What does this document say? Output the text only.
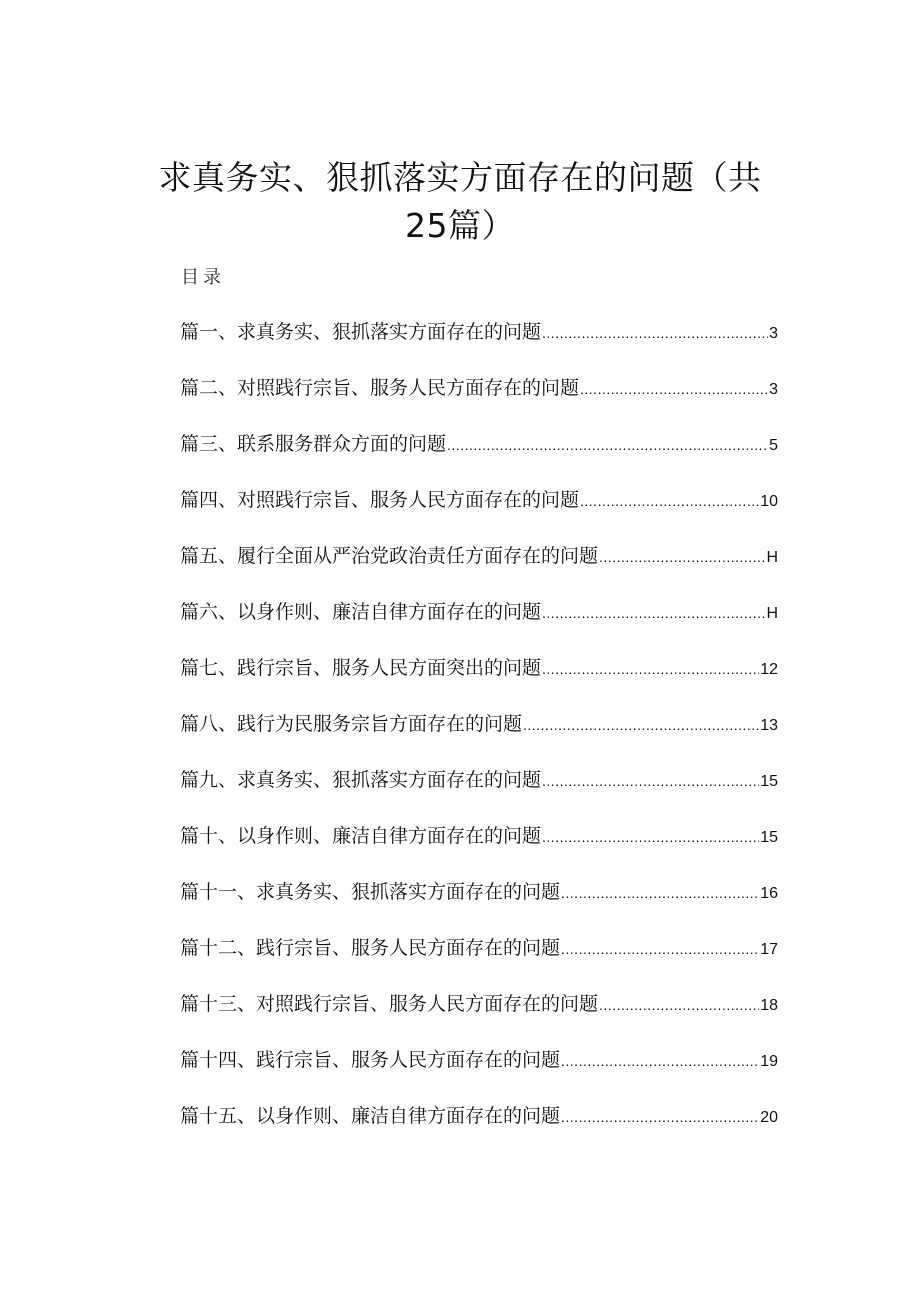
求真务实、狠抓落实方面存在的问题（共25篇）
目录
篇一、求真务实、狠抓落实方面存在的问题 .....	3
篇二、对照践行宗旨、服务人民方面存在的问题 .....	3
篇三、联系服务群众方面的问题 .....	5
篇四、对照践行宗旨、服务人民方面存在的问题 .....	10
篇五、履行全面从严治党政治责任方面存在的问题 .....	H
篇六、以身作则、廉洁自律方面存在的问题 .....	H
篇七、践行宗旨、服务人民方面突出的问题 .....	12
篇八、践行为民服务宗旨方面存在的问题 .....	13
篇九、求真务实、狠抓落实方面存在的问题 .....	15
篇十、以身作则、廉洁自律方面存在的问题 .....	15
篇十一、求真务实、狠抓落实方面存在的问题 .....	16
篇十二、践行宗旨、服务人民方面存在的问题 .....	17
篇十三、对照践行宗旨、服务人民方面存在的问题 .....	18
篇十四、践行宗旨、服务人民方面存在的问题 .....	19
篇十五、以身作则、廉洁自律方面存在的问题 .....	20
